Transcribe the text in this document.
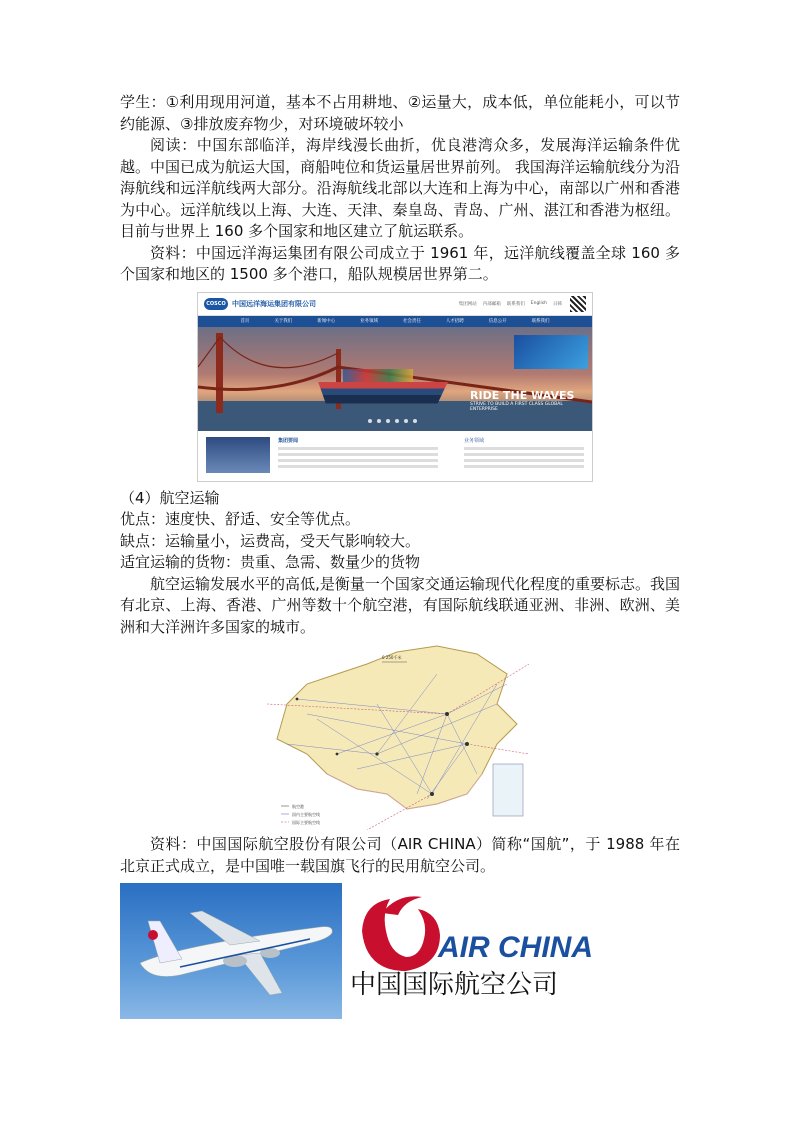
学生：①利用现用河道，基本不占用耕地、②运量大，成本低，单位能耗小，可以节约能源、③排放废弃物少，对环境破坏较小

阅读：中国东部临洋，海岸线漫长曲折，优良港湾众多，发展海洋运输条件优越。中国已成为航运大国，商船吨位和货运量居世界前列。 我国海洋运输航线分为沿海航线和远洋航线两大部分。沿海航线北部以大连和上海为中心，南部以广州和香港为中心。远洋航线以上海、大连、天津、秦皇岛、青岛、广州、湛江和香港为枢纽。目前与世界上 160 多个国家和地区建立了航运联系。

资料：中国远洋海运集团有限公司成立于 1961 年，远洋航线覆盖全球 160 多个国家和地区的 1500 多个港口，船队规模居世界第二。

COSCO 中国远洋海运集团有限公司	集团网站 内部邮箱 联系我们 English 日韩
首页	关于我们	新闻中心	业务领域	社会责任	人才招聘	信息公开	联系我们
RIDE THE WAVES
STRIVE TO BUILD A FIRST CLASS GLOBAL ENTERPRISE
集团要闻	业务领域

（4）航空运输

优点：速度快、舒适、安全等优点。

缺点：运输量小，运费高，受天气影响较大。

适宜运输的货物：贵重、急需、数量少的货物

航空运输发展水平的高低,是衡量一个国家交通运输现代化程度的重要标志。我国有北京、上海、香港、广州等数十个航空港，有国际航线联通亚洲、非洲、欧洲、美洲和大洋洲许多国家的城市。

航空港
国内主要航空线
国际主要航空线
0 250千米

资料：中国国际航空股份有限公司（AIR CHINA）简称“国航”，于 1988 年在北京正式成立，是中国唯一载国旗飞行的民用航空公司。

AIR CHINA
中国国际航空公司
